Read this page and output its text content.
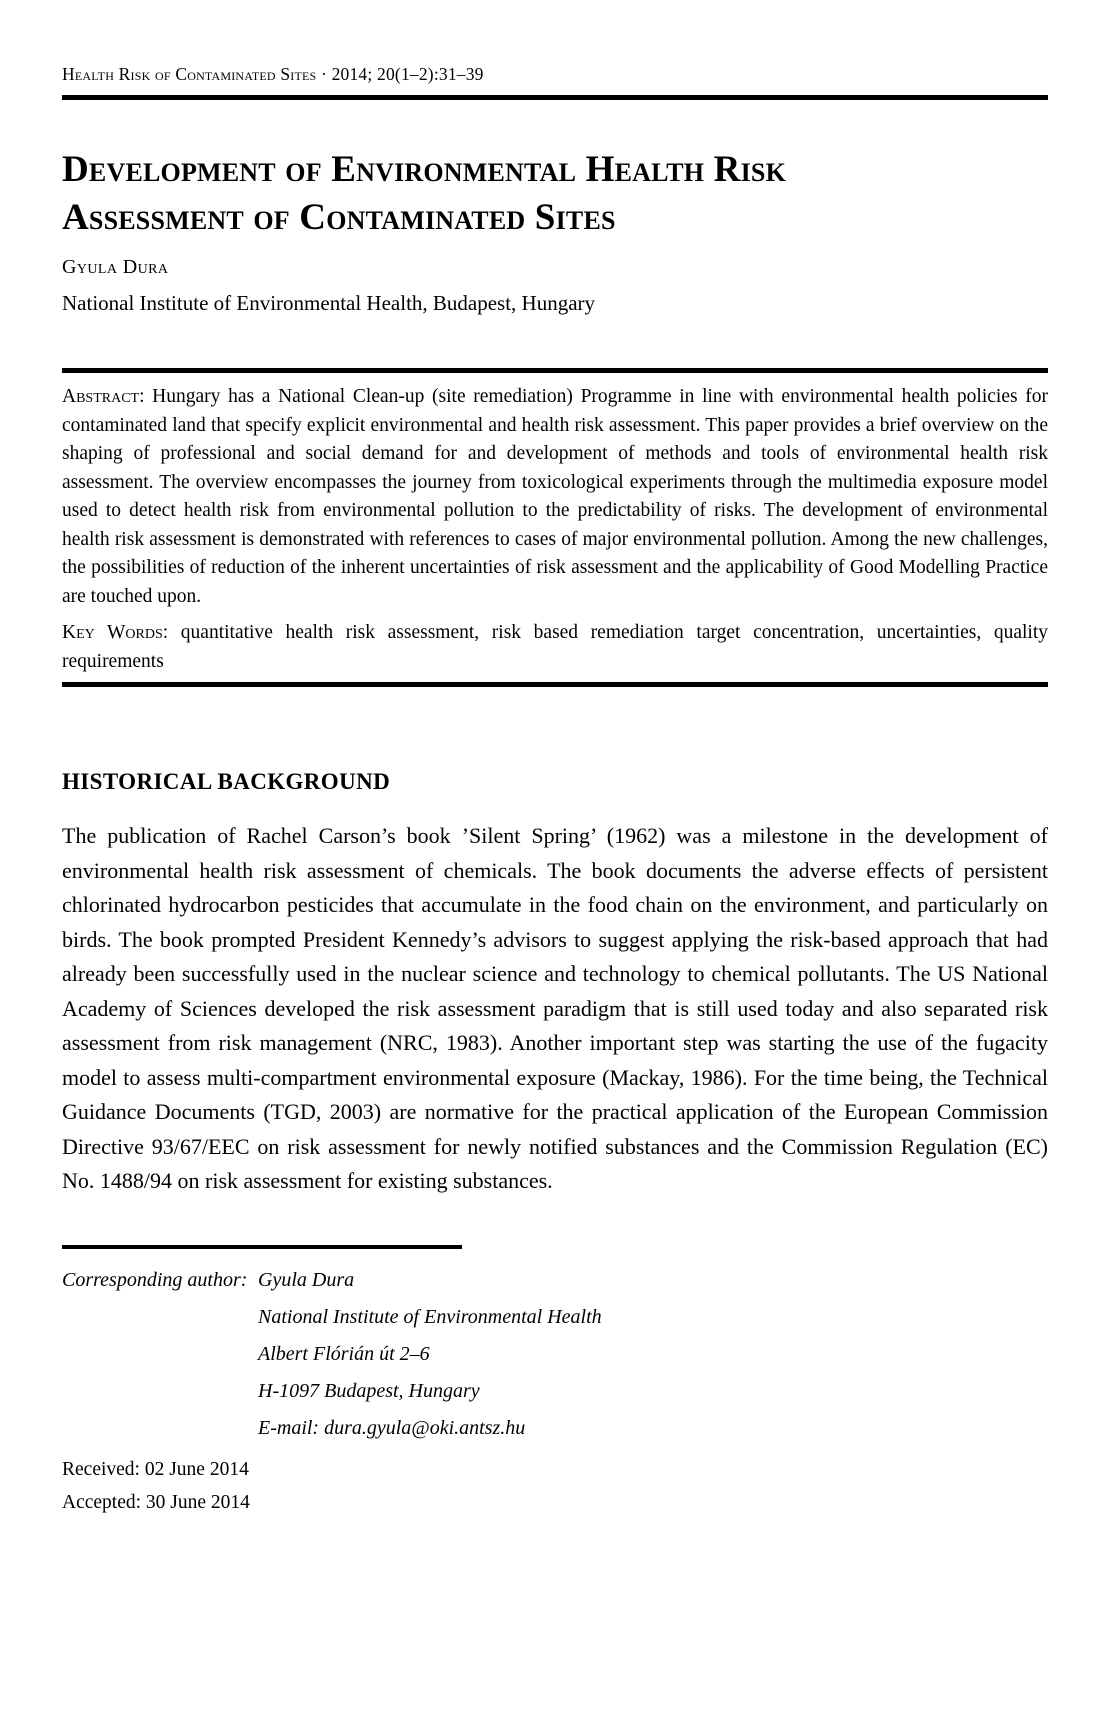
Health Risk of Contaminated Sites · 2014; 20(1–2):31–39
Development of Environmental Health Risk
Assessment of Contaminated Sites
Gyula Dura
National Institute of Environmental Health, Budapest, Hungary

Abstract: Hungary has a National Clean-up (site remediation) Programme in line with environmental health policies for contaminated land that specify explicit environmental and health risk assessment. This paper provides a brief overview on the shaping of professional and social demand for and development of methods and tools of environmental health risk assessment. The overview encompasses the journey from toxicological experiments through the multimedia exposure model used to detect health risk from environmental pollution to the predictability of risks. The development of environmental health risk assessment is demonstrated with references to cases of major environmental pollution. Among the new challenges, the possibilities of reduction of the inherent uncertainties of risk assessment and the applicability of Good Modelling Practice are touched upon.

Key Words: quantitative health risk assessment, risk based remediation target concentration, uncertainties, quality requirements

HISTORICAL BACKGROUND

The publication of Rachel Carson’s book ’Silent Spring’ (1962) was a milestone in the development of environmental health risk assessment of chemicals. The book documents the adverse effects of persistent chlorinated hydrocarbon pesticides that accumulate in the food chain on the environment, and particularly on birds. The book prompted President Kennedy’s advisors to suggest applying the risk-based approach that had already been successfully used in the nuclear science and technology to chemical pollutants. The US National Academy of Sciences developed the risk assessment paradigm that is still used today and also separated risk assessment from risk management (NRC, 1983). Another important step was starting the use of the fugacity model to assess multi-compartment environmental exposure (Mackay, 1986). For the time being, the Technical Guidance Documents (TGD, 2003) are normative for the practical application of the European Commission Directive 93/67/EEC on risk assessment for newly notified substances and the Commission Regulation (EC) No. 1488/94 on risk assessment for existing substances.

Corresponding author: Gyula Dura
National Institute of Environmental Health
Albert Flórián út 2–6
H-1097 Budapest, Hungary
E-mail: dura.gyula@oki.antsz.hu
Received: 02 June 2014
Accepted: 30 June 2014
